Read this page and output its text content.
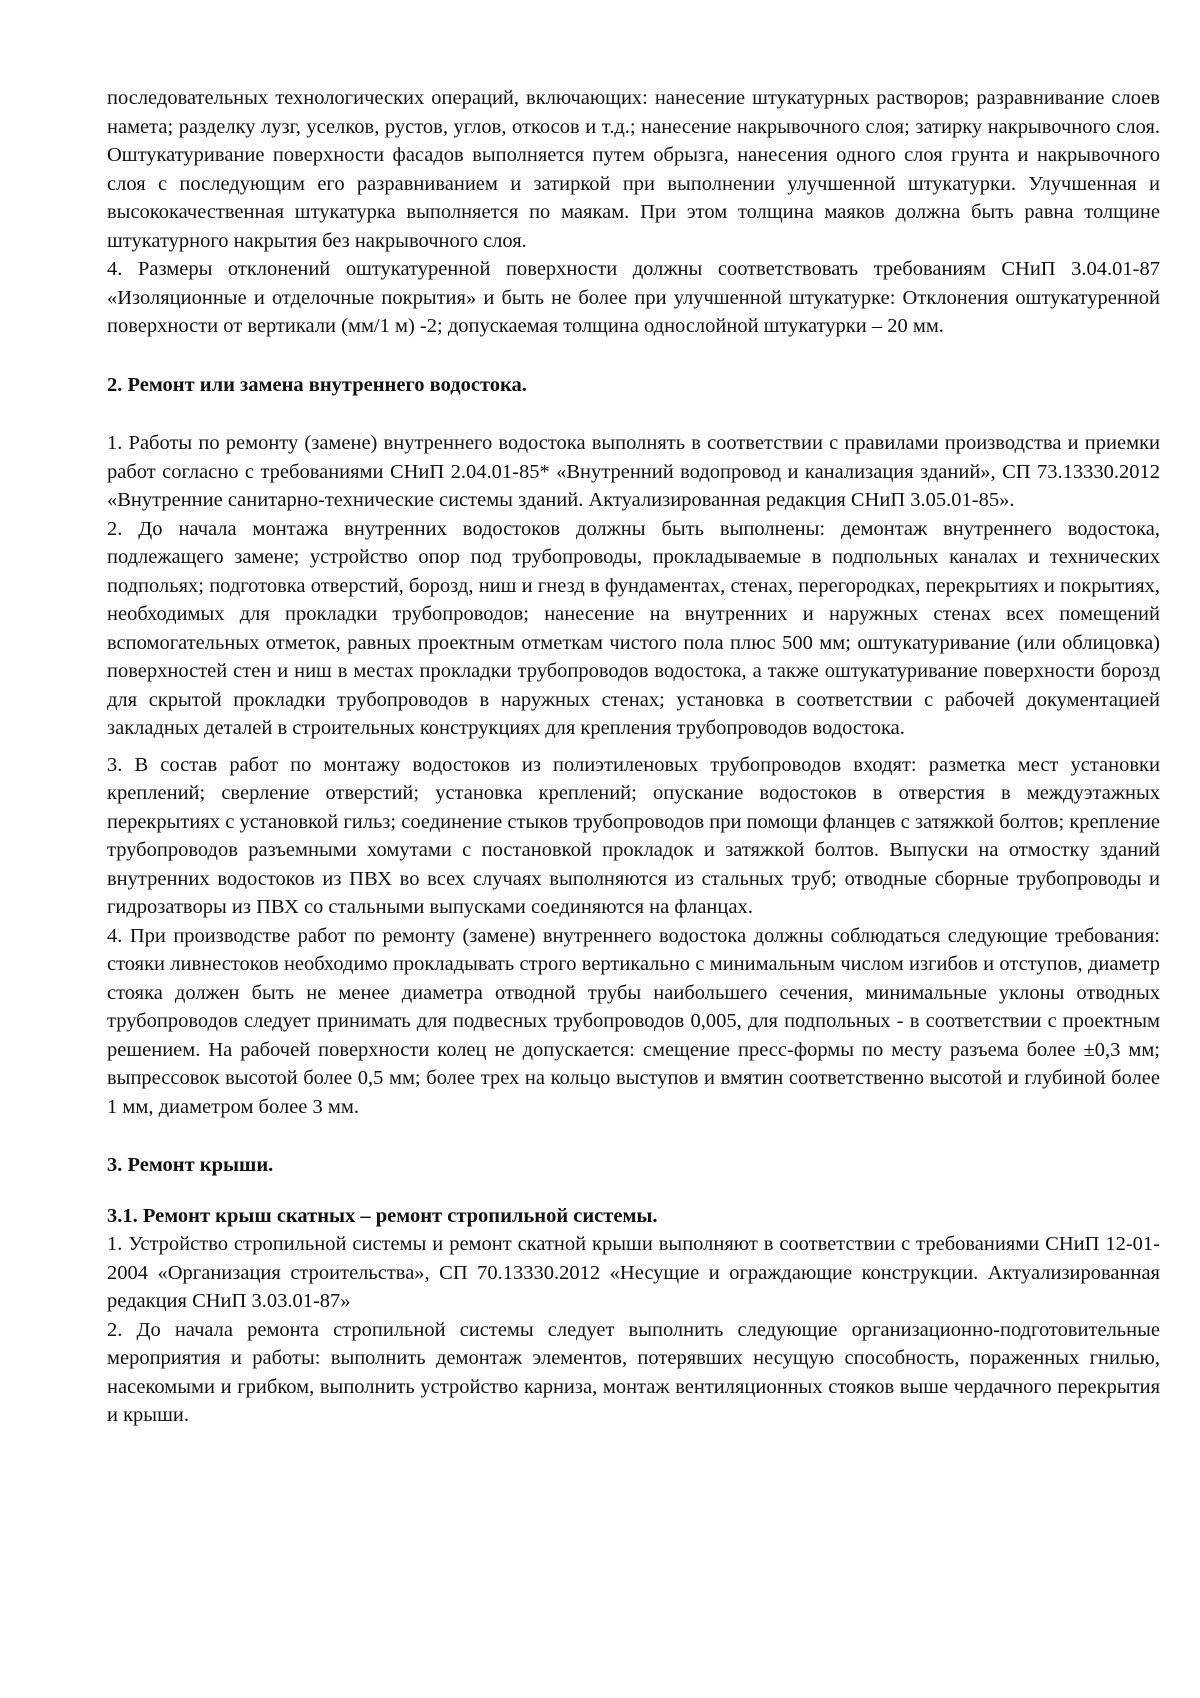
последовательных технологических операций, включающих: нанесение штукатурных растворов; разравнивание слоев намета; разделку лузг, уселков, рустов, углов, откосов и т.д.; нанесение накрывочного слоя; затирку накрывочного слоя. Оштукатуривание поверхности фасадов выполняется путем обрызга, нанесения одного слоя грунта и накрывочного слоя с последующим его разравниванием и затиркой при выполнении улучшенной штукатурки. Улучшенная и высококачественная штукатурка выполняется по маякам. При этом толщина маяков должна быть равна толщине штукатурного накрытия без накрывочного слоя.

4. Размеры отклонений оштукатуренной поверхности должны соответствовать требованиям СНиП 3.04.01-87 «Изоляционные и отделочные покрытия» и быть не более при улучшенной штукатурке: Отклонения оштукатуренной поверхности от вертикали (мм/1 м) -2; допускаемая толщина однослойной штукатурки – 20 мм.

2. Ремонт или замена внутреннего водостока.

1. Работы по ремонту (замене) внутреннего водостока выполнять в соответствии с правилами производства и приемки работ согласно с требованиями СНиП 2.04.01-85* «Внутренний водопровод и канализация зданий», СП 73.13330.2012 «Внутренние санитарно-технические системы зданий. Актуализированная редакция СНиП 3.05.01-85».

2. До начала монтажа внутренних водостоков должны быть выполнены: демонтаж внутреннего водостока, подлежащего замене; устройство опор под трубопроводы, прокладываемые в подпольных каналах и технических подпольях; подготовка отверстий, борозд, ниш и гнезд в фундаментах, стенах, перегородках, перекрытиях и покрытиях, необходимых для прокладки трубопроводов; нанесение на внутренних и наружных стенах всех помещений вспомогательных отметок, равных проектным отметкам чистого пола плюс 500 мм; оштукатуривание (или облицовка) поверхностей стен и ниш в местах прокладки трубопроводов водостока, а также оштукатуривание поверхности борозд для скрытой прокладки трубопроводов в наружных стенах; установка в соответствии с рабочей документацией закладных деталей в строительных конструкциях для крепления трубопроводов водостока.

3. В состав работ по монтажу водостоков из полиэтиленовых трубопроводов входят: разметка мест установки креплений; сверление отверстий; установка креплений; опускание водостоков в отверстия в междуэтажных перекрытиях с установкой гильз; соединение стыков трубопроводов при помощи фланцев с затяжкой болтов; крепление трубопроводов разъемными хомутами с постановкой прокладок и затяжкой болтов. Выпуски на отмостку зданий внутренних водостоков из ПВХ во всех случаях выполняются из стальных труб; отводные сборные трубопроводы и гидрозатворы из ПВХ со стальными выпусками соединяются на фланцах.

4. При производстве работ по ремонту (замене) внутреннего водостока должны соблюдаться следующие требования: стояки ливнестоков необходимо прокладывать строго вертикально с минимальным числом изгибов и отступов, диаметр стояка должен быть не менее диаметра отводной трубы наибольшего сечения, минимальные уклоны отводных трубопроводов следует принимать для подвесных трубопроводов 0,005, для подпольных - в соответствии с проектным решением. На рабочей поверхности колец не допускается: смещение пресс-формы по месту разъема более ±0,3 мм; выпрессовок высотой более 0,5 мм; более трех на кольцо выступов и вмятин соответственно высотой и глубиной более 1 мм, диаметром более 3 мм.

3. Ремонт крыши.

3.1. Ремонт крыш скатных – ремонт стропильной системы.

1. Устройство стропильной системы и ремонт скатной крыши выполняют в соответствии с требованиями СНиП 12-01-2004 «Организация строительства», СП 70.13330.2012 «Несущие и ограждающие конструкции. Актуализированная редакция СНиП 3.03.01-87»

2. До начала ремонта стропильной системы следует выполнить следующие организационно-подготовительные мероприятия и работы: выполнить демонтаж элементов, потерявших несущую способность, пораженных гнилью, насекомыми и грибком, выполнить устройство карниза, монтаж вентиляционных стояков выше чердачного перекрытия и крыши.
